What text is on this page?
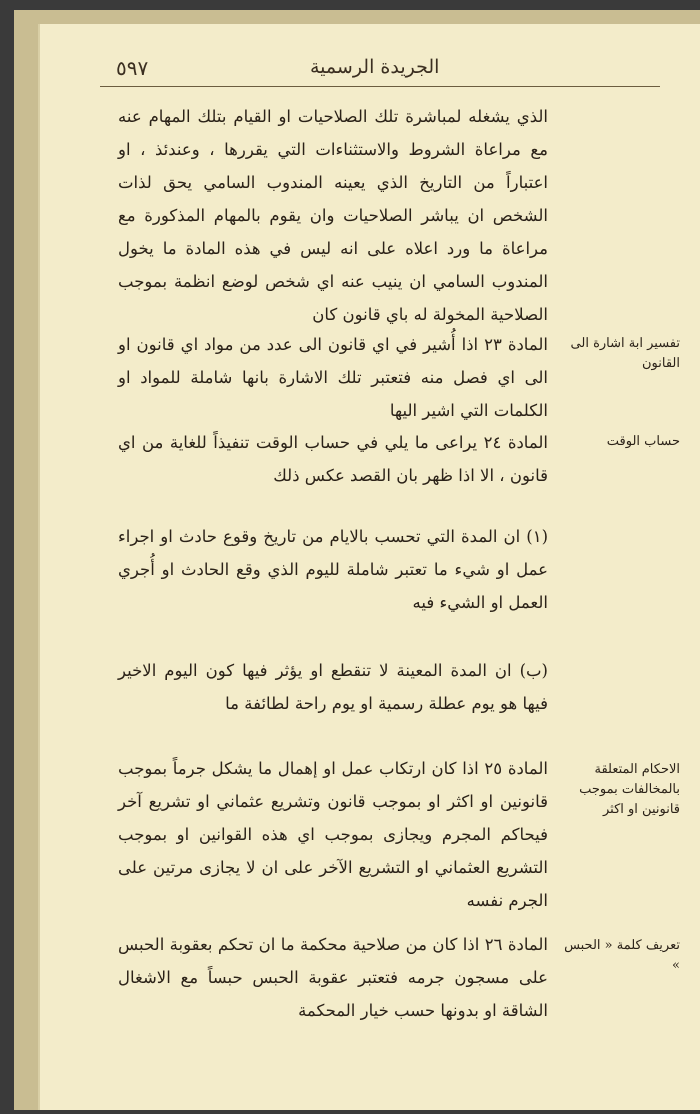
٥٩٧	الجريدة الرسمية
الذي يشغله لمباشرة تلك الصلاحيات او القيام بتلك المهام عنه مع مراعاة الشروط والاستثناءات التي يقررها ، وعندئذ ، او اعتباراً من التاريخ الذي يعينه المندوب السامي يحق لذات الشخص ان يباشر الصلاحيات وان يقوم بالمهام المذكورة مع مراعاة ما ورد اعلاه على انه ليس في هذه المادة ما يخول المندوب السامي ان ينيب عنه اي شخص لوضع انظمة بموجب الصلاحية المخولة له باي قانون كان
المادة ٢٣ اذا أُشير في اي قانون الى عدد من مواد اي قانون او الى اي فصل منه فتعتبر تلك الاشارة بانها شاملة للمواد او الكلمات التي اشير اليها
تفسير ابة اشارة الى القانون
المادة ٢٤ يراعى ما يلي في حساب الوقت تنفيذاً للغاية من اي قانون ، الا اذا ظهر بان القصد عكس ذلك
حساب الوقت
(١) ان المدة التي تحسب بالايام من تاريخ وقوع حادث او اجراء عمل او شيء ما تعتبر شاملة لليوم الذي وقع الحادث او أُجري العمل او الشيء فيه
(ب) ان المدة المعينة لا تنقطع او يؤثر فيها كون اليوم الاخير فيها هو يوم عطلة رسمية او يوم راحة لطائفة ما
المادة ٢٥ اذا كان ارتكاب عمل او إهمال ما يشكل جرماً بموجب قانونين او اكثر او بموجب قانون وتشريع عثماني او تشريع آخر فيحاكم المجرم ويجازى بموجب اي هذه القوانين او بموجب التشريع العثماني او التشريع الآخر على ان لا يجازى مرتين على الجرم نفسه
الاحكام المتعلقة بالمخالفات بموجب قانونين او اكثر
المادة ٢٦ اذا كان من صلاحية محكمة ما ان تحكم بعقوبة الحبس على مسجون جرمه فتعتبر عقوبة الحبس حبساً مع الاشغال الشاقة او بدونها حسب خيار المحكمة
تعريف كلمة « الحبس »
